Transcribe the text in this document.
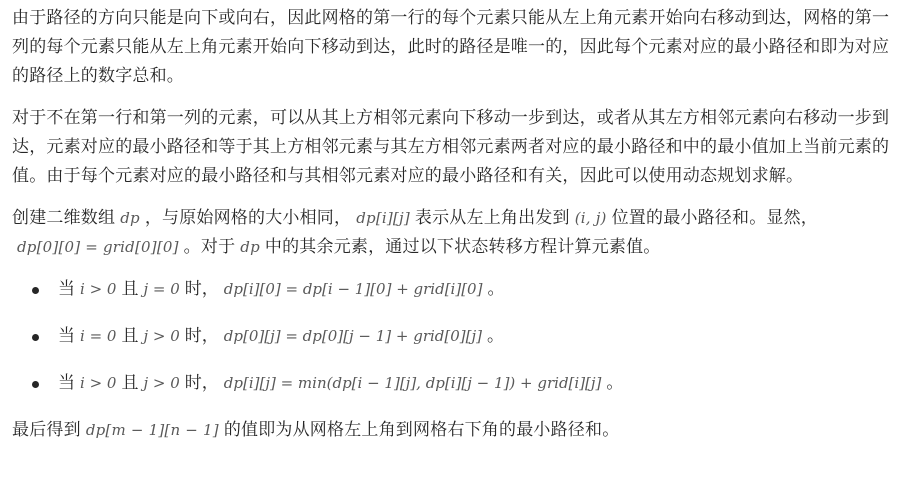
由于路径的方向只能是向下或向右，因此网格的第一行的每个元素只能从左上角元素开始向右移动到达，网格的第一列的每个元素只能从左上角元素开始向下移动到达，此时的路径是唯一的，因此每个元素对应的最小路径和即为对应的路径上的数字总和。

对于不在第一行和第一列的元素，可以从其上方相邻元素向下移动一步到达，或者从其左方相邻元素向右移动一步到达，元素对应的最小路径和等于其上方相邻元素与其左方相邻元素两者对应的最小路径和中的最小值加上当前元素的值。由于每个元素对应的最小路径和与其相邻元素对应的最小路径和有关，因此可以使用动态规划求解。

创建二维数组 dp ，与原始网格的大小相同， dp[i][j] 表示从左上角出发到 (i, j) 位置的最小路径和。显然，dp[0][0] = grid[0][0] 。对于 dp 中的其余元素，通过以下状态转移方程计算元素值。

当 i > 0 且 j = 0 时， dp[i][0] = dp[i − 1][0] + grid[i][0] 。
当 i = 0 且 j > 0 时， dp[0][j] = dp[0][j − 1] + grid[0][j] 。
当 i > 0 且 j > 0 时， dp[i][j] = min(dp[i − 1][j], dp[i][j − 1]) + grid[i][j] 。

最后得到 dp[m − 1][n − 1] 的值即为从网格左上角到网格右下角的最小路径和。
